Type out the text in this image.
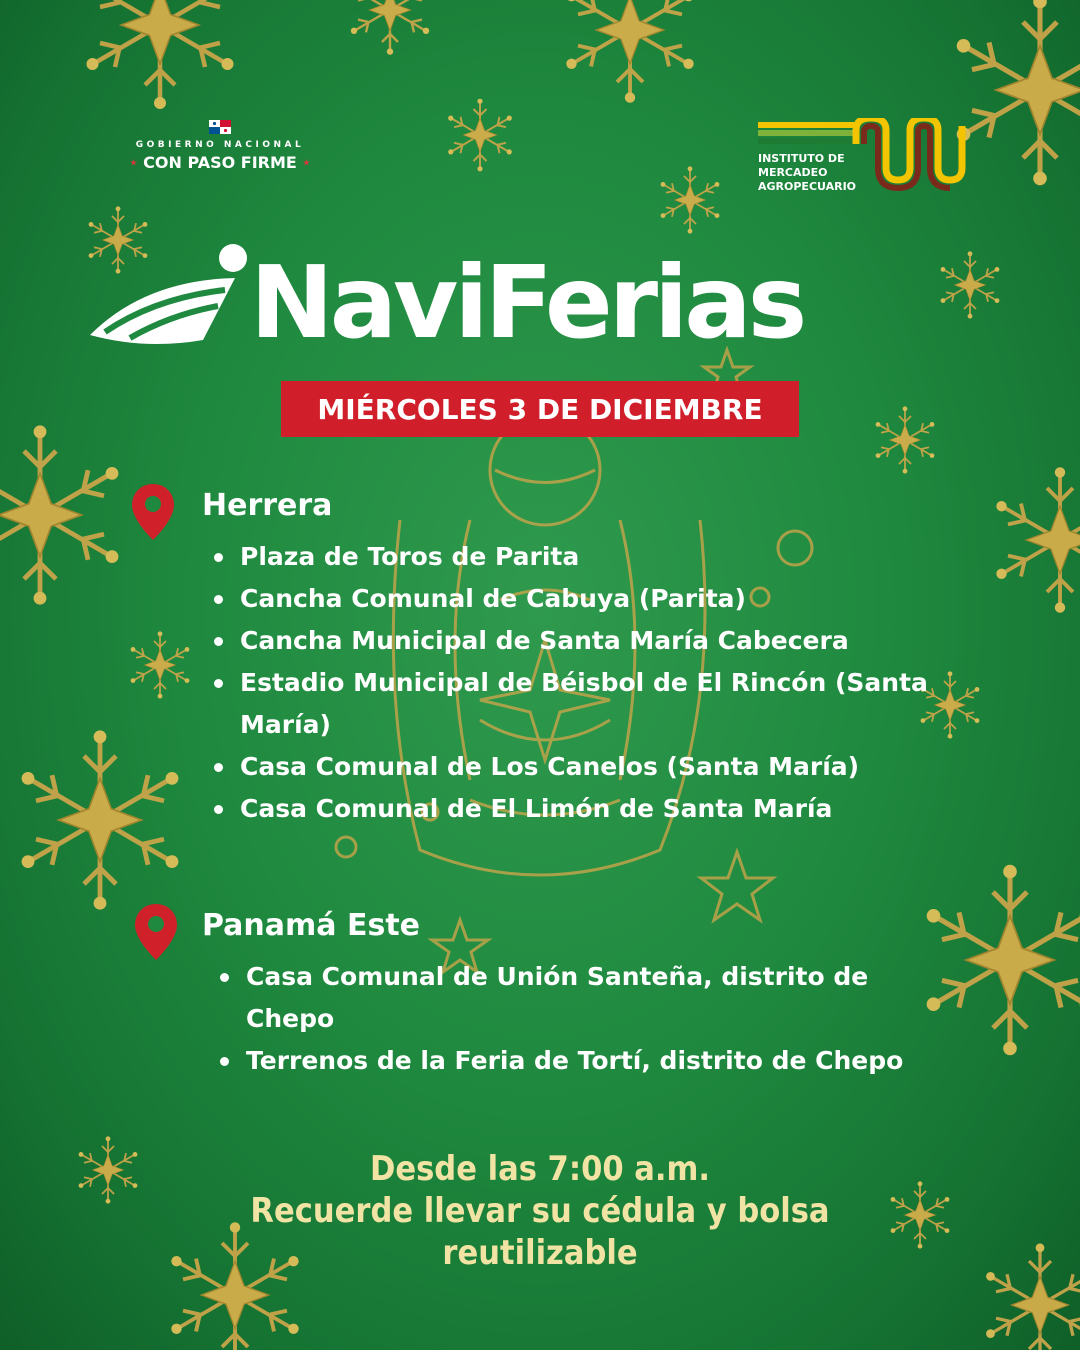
GOBIERNO NACIONAL
★ CON PASO FIRME ★	INSTITUTO DE MERCADEO AGROPECUARIO
NaviFerias
MIÉRCOLES 3 DE DICIEMBRE
Herrera
Plaza de Toros de Parita
Cancha Comunal de Cabuya (Parita)
Cancha Municipal de Santa María Cabecera
Estadio Municipal de Béisbol de El Rincón (Santa
María)
Casa Comunal de Los Canelos (Santa María)
Casa Comunal de El Limón de Santa María
Panamá Este
Casa Comunal de Unión Santeña, distrito de
Chepo
Terrenos de la Feria de Tortí, distrito de Chepo
Desde las 7:00 a.m.
Recuerde llevar su cédula y bolsa
reutilizable
